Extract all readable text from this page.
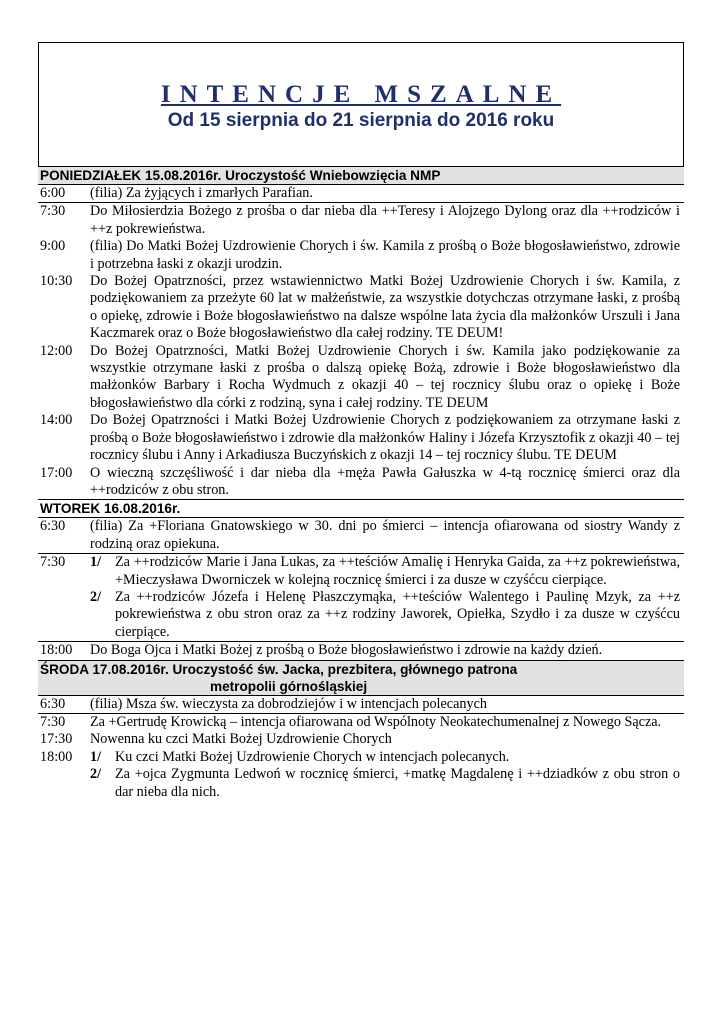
INTENCJE MSZALNE
Od 15 sierpnia do 21 sierpnia do 2016 roku
PONIEDZIAŁEK 15.08.2016r. Uroczystość Wniebowzięcia NMP
6:00	(filia) Za żyjących i zmarłych Parafian.
7:30	Do Miłosierdzia Bożego z prośba o dar nieba dla ++Teresy i Alojzego Dylong oraz dla ++rodziców i ++z pokrewieństwa.
9:00	(filia) Do Matki Bożej Uzdrowienie Chorych i św. Kamila z prośbą o Boże błogosławieństwo, zdrowie i potrzebna łaski z okazji urodzin.
10:30	Do Bożej Opatrzności, przez wstawiennictwo Matki Bożej Uzdrowienie Chorych i św. Kamila, z podziękowaniem za przeżyte 60 lat w małżeństwie, za wszystkie dotychczas otrzymane łaski, z prośbą o opiekę, zdrowie i Boże błogosławieństwo na dalsze wspólne lata życia dla małżonków Urszuli i Jana Kaczmarek oraz o Boże błogosławieństwo dla całej rodziny. TE DEUM!
12:00	Do Bożej Opatrzności, Matki Bożej Uzdrowienie Chorych i św. Kamila jako podziękowanie za wszystkie otrzymane łaski z prośba o dalszą opiekę Bożą, zdrowie i Boże błogosławieństwo dla małżonków Barbary i Rocha Wydmuch z okazji 40 – tej rocznicy ślubu oraz o opiekę i Boże błogosławieństwo dla córki z rodziną, syna i całej rodziny. TE DEUM
14:00	Do Bożej Opatrzności i Matki Bożej Uzdrowienie Chorych z podziękowaniem za otrzymane łaski z prośbą o Boże błogosławieństwo i zdrowie dla małżonków Haliny i Józefa Krzysztofik z okazji 40 – tej rocznicy ślubu i Anny i Arkadiusza Buczyńskich z okazji 14 – tej rocznicy ślubu. TE DEUM
17:00	O wieczną szczęśliwość i dar nieba dla +męża Pawła Gałuszka w 4-tą rocznicę śmierci oraz dla ++rodziców z obu stron.
WTOREK 16.08.2016r.
6:30	(filia) Za +Floriana Gnatowskiego w 30. dni po śmierci – intencja ofiarowana od siostry Wandy z rodziną oraz opiekuna.
7:30	1/ Za ++rodziców Marie i Jana Lukas, za ++teściów Amalię i Henryka Gaida, za ++z pokrewieństwa, +Mieczysława Dworniczek w kolejną rocznicę śmierci i za dusze w czyśćcu cierpiące.
2/ Za ++rodziców Józefa i Helenę Płaszczymąka, ++teściów Walentego i Paulinę Mzyk, za ++z pokrewieństwa z obu stron oraz za ++z rodziny Jaworek, Opiełka, Szydło i za dusze w czyśćcu cierpiące.
18:00	Do Boga Ojca i Matki Bożej z prośbą o Boże błogosławieństwo i zdrowie na każdy dzień.
ŚRODA 17.08.2016r. Uroczystość św. Jacka, prezbitera, głównego patrona
metropolii górnośląskiej
6:30	(filia) Msza św. wieczysta za dobrodziejów i w intencjach polecanych
7:30	Za +Gertrudę Krowicką – intencja ofiarowana od Wspólnoty Neokatechumenalnej z Nowego Sącza.
17:30	Nowenna ku czci Matki Bożej Uzdrowienie Chorych
18:00	1/ Ku czci Matki Bożej Uzdrowienie Chorych w intencjach polecanych.
2/ Za +ojca Zygmunta Ledwoń w rocznicę śmierci, +matkę Magdalenę i ++dziadków z obu stron o dar nieba dla nich.
